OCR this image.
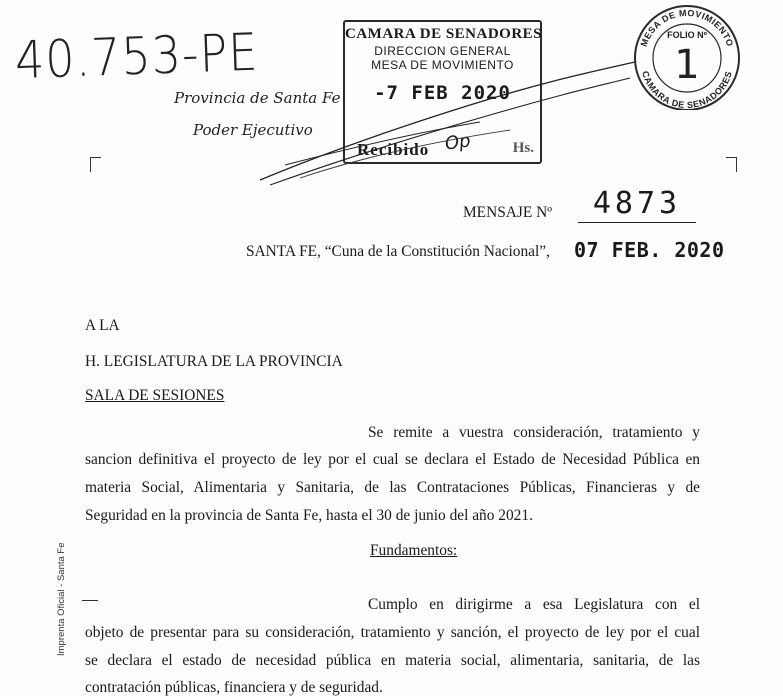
40.753-PE
Provincia de Santa Fe
Poder Ejecutivo
CAMARA DE SENADORES
DIRECCION GENERAL
MESA DE MOVIMIENTO
-7 FEB 2020
Recibido Op	Hs.
MESA DE MOVIMIENTO
CAMARA DE SENADORES
FOLIO Nº
1
MENSAJE Nº	4873
SANTA FE, “Cuna de la Constitución Nacional”, 07 FEB. 2020
A LA
H. LEGISLATURA DE LA PROVINCIA
SALA DE SESIONES
Se remite a vuestra consideración, tratamiento y
sancion definitiva el proyecto de ley por el cual se declara el Estado de Necesidad Pública en
materia Social, Alimentaria y Sanitaria, de las Contrataciones Públicas, Financieras y de
Seguridad en la provincia de Santa Fe, hasta el 30 de junio del año 2021.
Fundamentos:
Cumplo en dirigirme a esa Legislatura con el
objeto de presentar para su consideración, tratamiento y sanción, el proyecto de ley por el cual
se declara el estado de necesidad pública en materia social, alimentaria, sanitaria, de las
contratación públicas, financiera y de seguridad.
Imprenta Oficial - Santa Fe
